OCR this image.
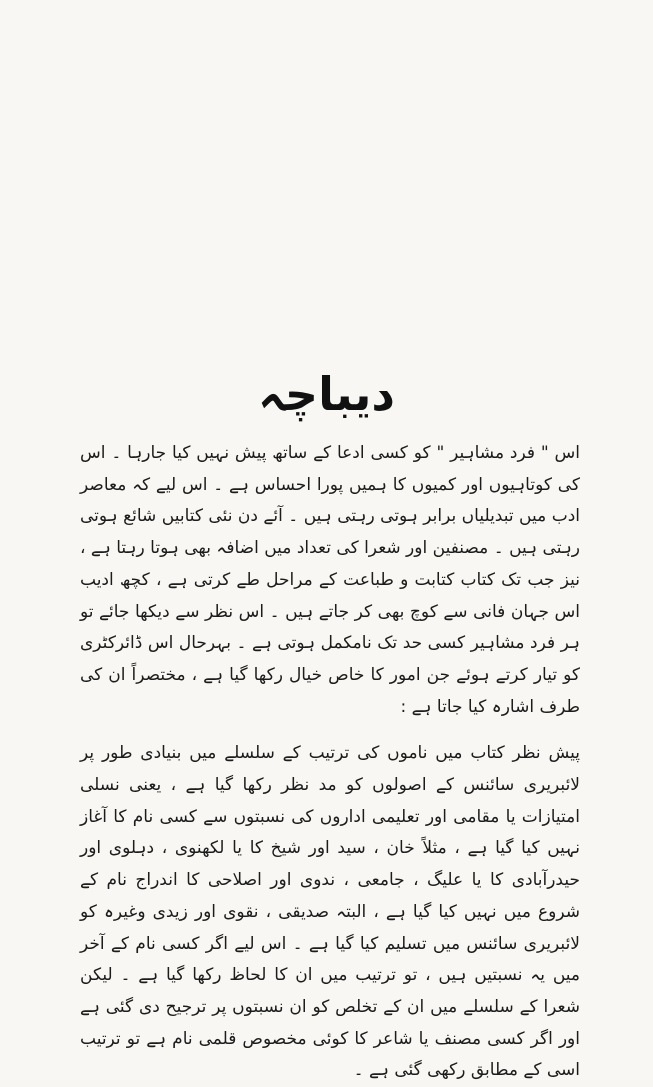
دیباچہ

اس " فرد مشاہیر " کو کسی ادعا کے ساتھ پیش نہیں کیا جارہا ۔ اس کی کوتاہیوں اور کمیوں کا ہمیں پورا احساس ہے ۔ اس لیے کہ معاصر ادب میں تبدیلیاں برابر ہوتی رہتی ہیں ۔ آئے دن نئی کتابیں شائع ہوتی رہتی ہیں ۔ مصنفین اور شعرا کی تعداد میں اضافہ بھی ہوتا رہتا ہے ، نیز جب تک کتاب کتابت و طباعت کے مراحل طے کرتی ہے ، کچھ ادیب اس جہان فانی سے کوچ بھی کر جاتے ہیں ۔ اس نظر سے دیکھا جائے تو ہر فرد مشاہیر کسی حد تک نامکمل ہوتی ہے ۔ بہرحال اس ڈائرکٹری کو تیار کرتے ہوئے جن امور کا خاص خیال رکھا گیا ہے ، مختصراً ان کی طرف اشارہ کیا جاتا ہے :

پیش نظر کتاب میں ناموں کی ترتیب کے سلسلے میں بنیادی طور پر لائبریری سائنس کے اصولوں کو مد نظر رکھا گیا ہے ، یعنی نسلی امتیازات یا مقامی اور تعلیمی اداروں کی نسبتوں سے کسی نام کا آغاز نہیں کیا گیا ہے ، مثلاً خان ، سید اور شیخ کا یا لکھنوی ، دہلوی اور حیدرآبادی کا یا علیگ ، جامعی ، ندوی اور اصلاحی کا اندراج نام کے شروع میں نہیں کیا گیا ہے ، البتہ صدیقی ، نقوی اور زیدی وغیرہ کو لائبریری سائنس میں تسلیم کیا گیا ہے ۔ اس لیے اگر کسی نام کے آخر میں یہ نسبتیں ہیں ، تو ترتیب میں ان کا لحاظ رکھا گیا ہے ۔ لیکن شعرا کے سلسلے میں ان کے تخلص کو ان نسبتوں پر ترجیح دی گئی ہے اور اگر کسی مصنف یا شاعر کا کوئی مخصوص قلمی نام ہے تو ترتیب اسی کے مطابق رکھی گئی ہے ۔
